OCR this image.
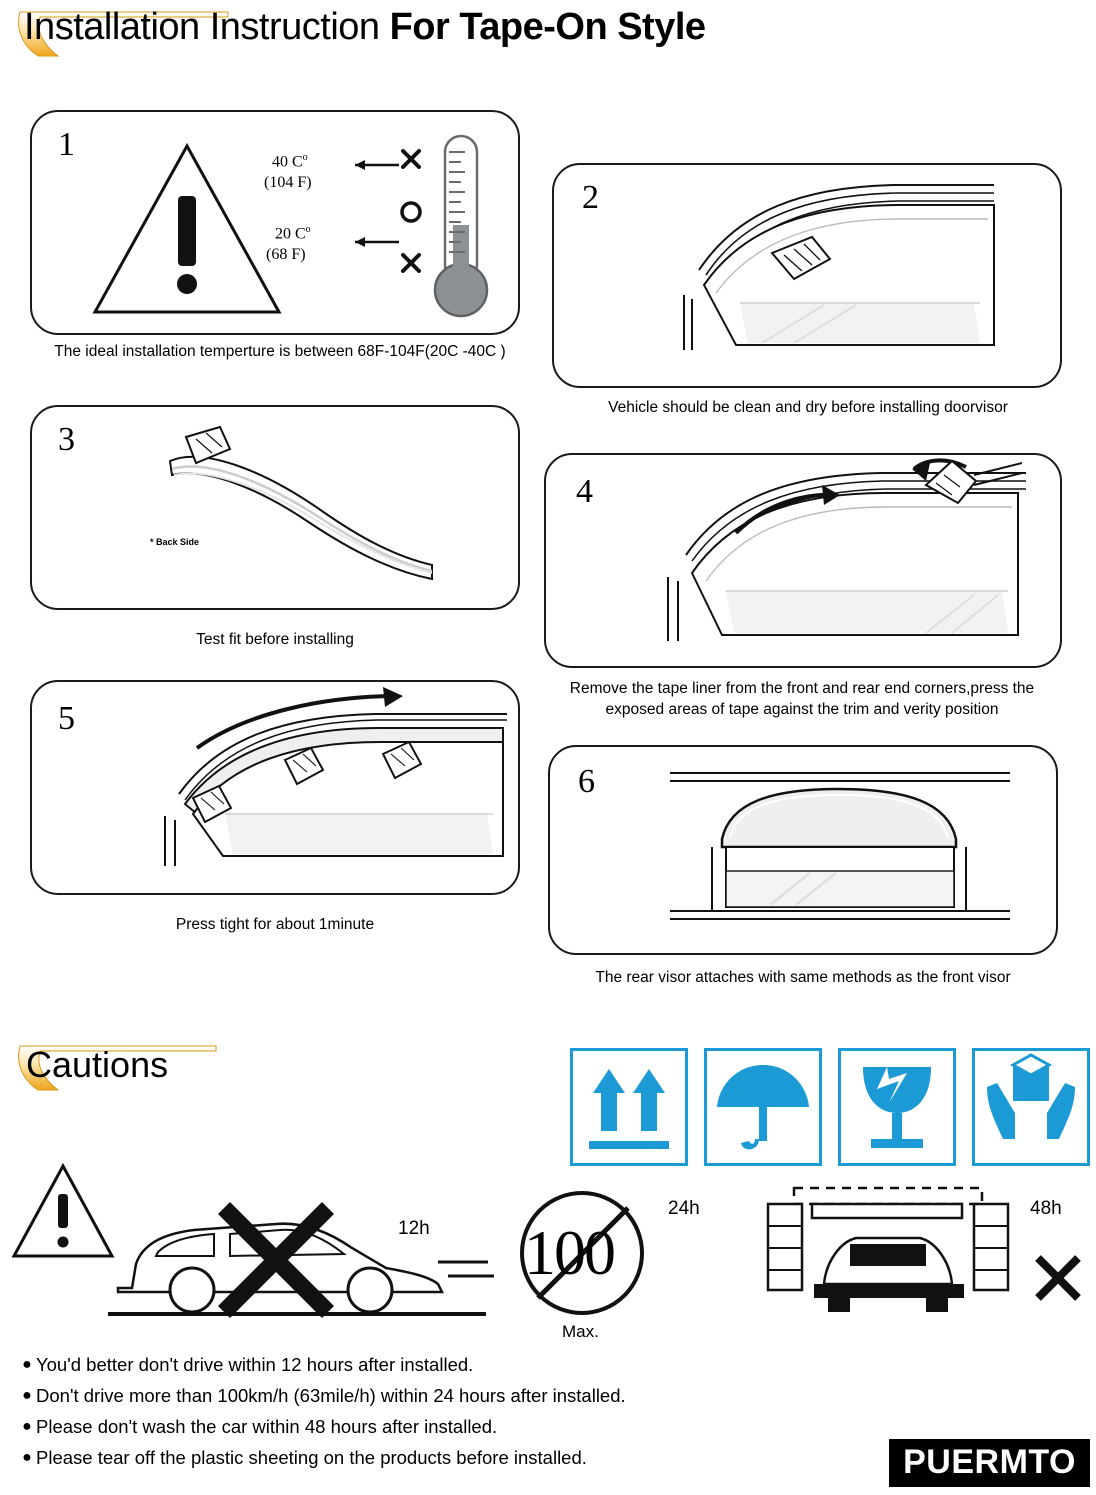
Installation Instruction For Tape-On Style
1	40 $C^o$
(104 F)
20 $C^o$
(68 F)
The ideal installation temperture is between 68F-104F(20C -40C )
2
Vehicle should be clean and dry before installing doorvisor
3
* Back Side
Test fit before installing
4
Remove the tape liner from the front and rear end corners,press the exposed areas of tape against the trim and verity position
5
Press tight for about 1minute
6
The rear visor attaches with same methods as the front visor
Cautions
12h 100
Max.
24h	48h
● You'd better don't drive within 12 hours after installed.
● Don't drive more than 100km/h (63mile/h) within 24 hours after installed.
● Please don't wash the car within 48 hours after installed.
● Please tear off the plastic sheeting on the products before installed.	PUERMTO
